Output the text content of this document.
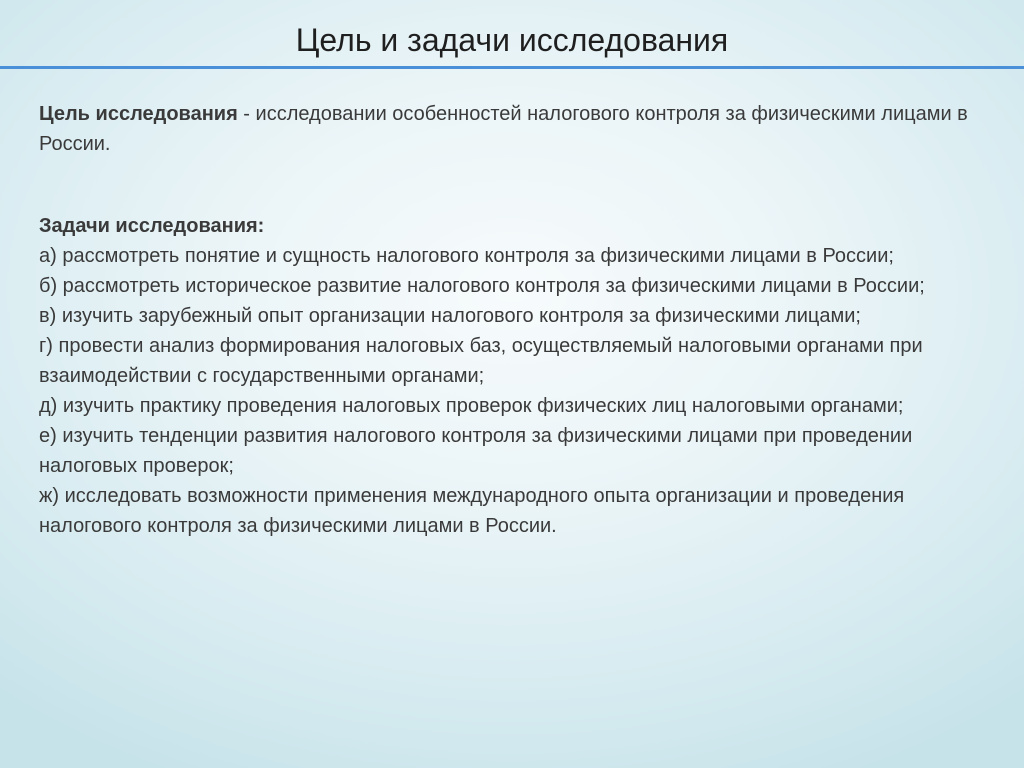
Цель и задачи исследования
Цель исследования - исследовании особенностей налогового контроля за физическими лицами в России.
Задачи исследования:
а) рассмотреть понятие и сущность налогового контроля за физическими лицами в России;
б) рассмотреть историческое развитие налогового контроля за физическими лицами в России;
в) изучить зарубежный опыт организации налогового контроля за физическими лицами;
г) провести анализ формирования налоговых баз, осуществляемый налоговыми органами при взаимодействии с государственными органами;
д) изучить практику проведения налоговых проверок физических лиц налоговыми органами;
е) изучить тенденции развития налогового контроля за физическими лицами при проведении налоговых проверок;
ж) исследовать возможности применения международного опыта организации и проведения налогового контроля за физическими лицами в России.
